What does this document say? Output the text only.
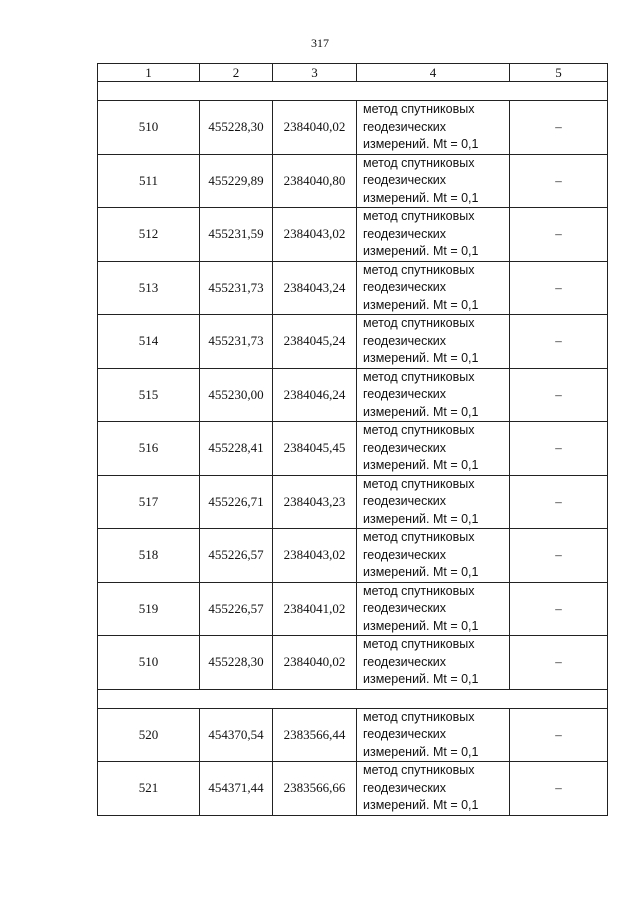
317
1	2	3	4	5

510	455228,30	2384040,02	метод спутниковых
геодезических
измерений. Mt = 0,1	–
511	455229,89	2384040,80	метод спутниковых
геодезических
измерений. Mt = 0,1	–
512	455231,59	2384043,02	метод спутниковых
геодезических
измерений. Mt = 0,1	–
513	455231,73	2384043,24	метод спутниковых
геодезических
измерений. Mt = 0,1	–
514	455231,73	2384045,24	метод спутниковых
геодезических
измерений. Mt = 0,1	–
515	455230,00	2384046,24	метод спутниковых
геодезических
измерений. Mt = 0,1	–
516	455228,41	2384045,45	метод спутниковых
геодезических
измерений. Mt = 0,1	–
517	455226,71	2384043,23	метод спутниковых
геодезических
измерений. Mt = 0,1	–
518	455226,57	2384043,02	метод спутниковых
геодезических
измерений. Mt = 0,1	–
519	455226,57	2384041,02	метод спутниковых
геодезических
измерений. Mt = 0,1	–
510	455228,30	2384040,02	метод спутниковых
геодезических
измерений. Mt = 0,1	–

520	454370,54	2383566,44	метод спутниковых
геодезических
измерений. Mt = 0,1	–
521	454371,44	2383566,66	метод спутниковых
геодезических
измерений. Mt = 0,1	–
